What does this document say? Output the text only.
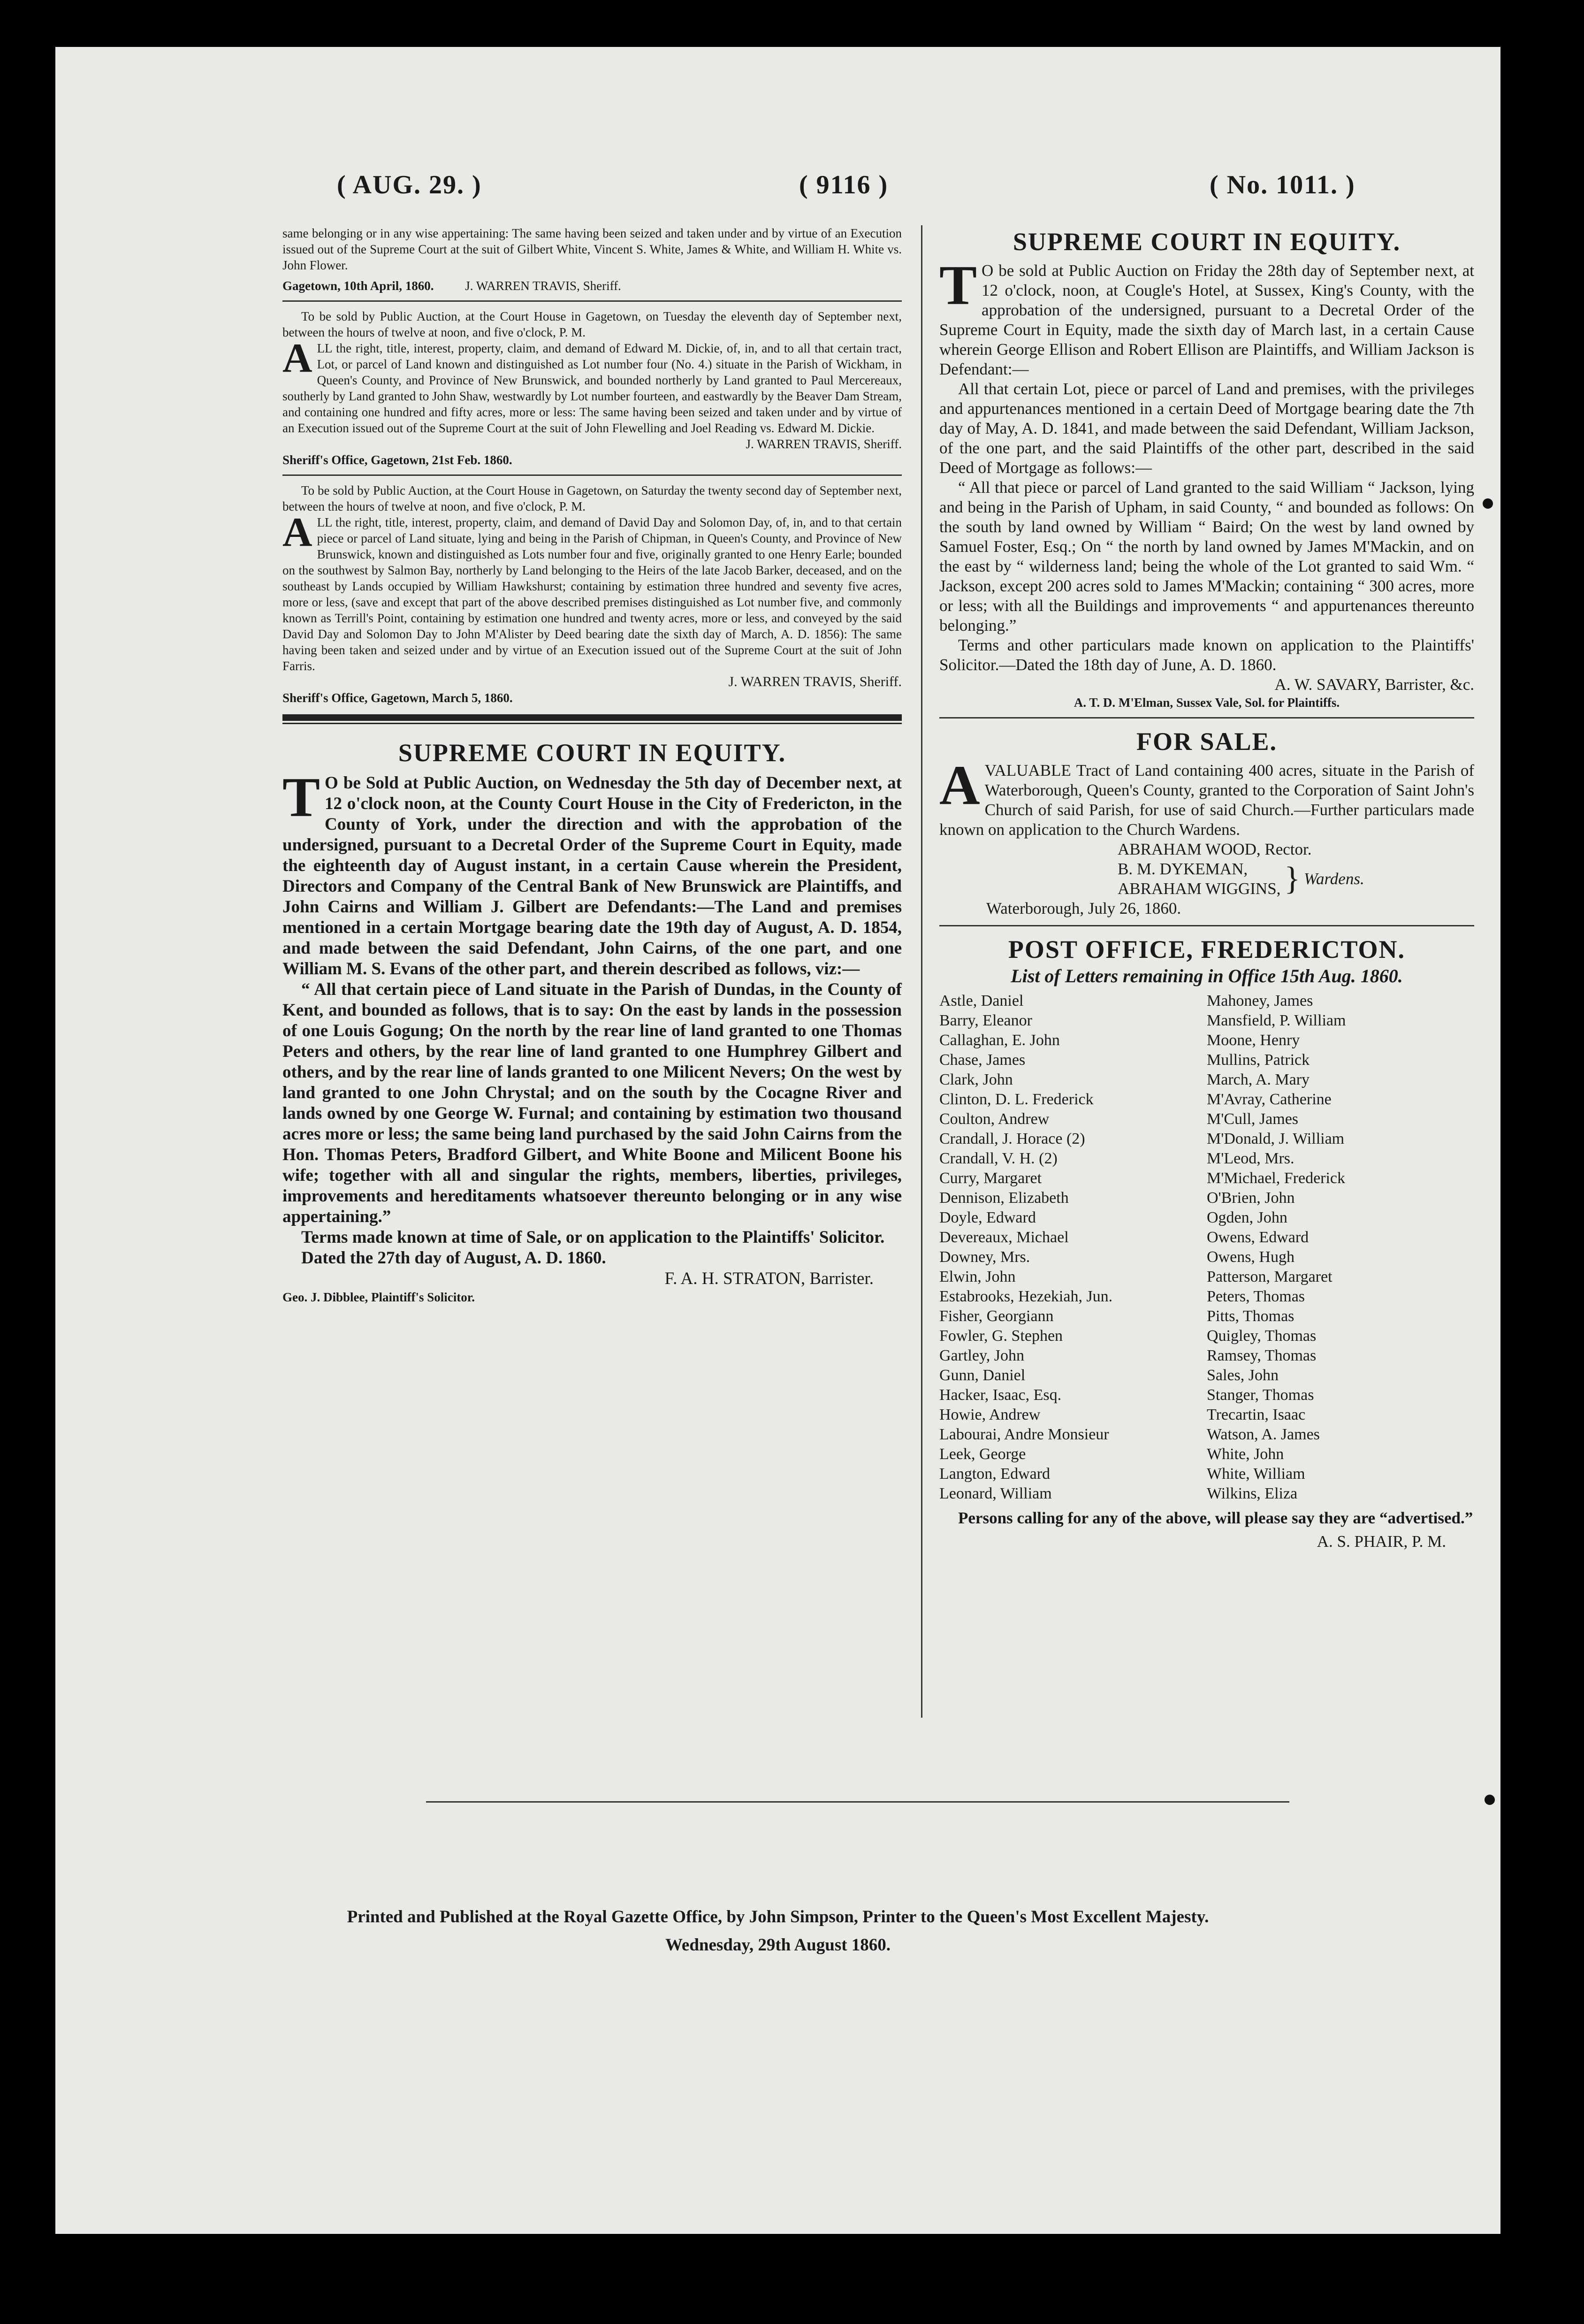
( AUG. 29. )	( 9116 )	( No. 1011. )

same belonging or in any wise appertaining: The same having been seized and taken under and by virtue of an Execution issued out of the Supreme Court at the suit of Gilbert White, Vincent S. White, James & White, and William H. White vs. John Flower.

Gagetown, 10th April, 1860. J. WARREN TRAVIS, Sheriff.

To be sold by Public Auction, at the Court House in Gagetown, on Tuesday the eleventh day of September next, between the hours of twelve at noon, and five o'clock, P. M.

ALL the right, title, interest, property, claim, and demand of Edward M. Dickie, of, in, and to all that certain tract, Lot, or parcel of Land known and distinguished as Lot number four (No. 4.) situate in the Parish of Wickham, in Queen's County, and Province of New Brunswick, and bounded northerly by Land granted to Paul Mercereaux, southerly by Land granted to John Shaw, westwardly by Lot number fourteen, and eastwardly by the Beaver Dam Stream, and containing one hundred and fifty acres, more or less: The same having been seized and taken under and by virtue of an Execution issued out of the Supreme Court at the suit of John Flewelling and Joel Reading vs. Edward M. Dickie.

J. WARREN TRAVIS, Sheriff.

Sheriff's Office, Gagetown, 21st Feb. 1860.

To be sold by Public Auction, at the Court House in Gagetown, on Saturday the twenty second day of September next, between the hours of twelve at noon, and five o'clock, P. M.

ALL the right, title, interest, property, claim, and demand of David Day and Solomon Day, of, in, and to that certain piece or parcel of Land situate, lying and being in the Parish of Chipman, in Queen's County, and Province of New Brunswick, known and distinguished as Lots number four and five, originally granted to one Henry Earle; bounded on the southwest by Salmon Bay, northerly by Land belonging to the Heirs of the late Jacob Barker, deceased, and on the southeast by Lands occupied by William Hawkshurst; containing by estimation three hundred and seventy five acres, more or less, (save and except that part of the above described premises distinguished as Lot number five, and commonly known as Terrill's Point, containing by estimation one hundred and twenty acres, more or less, and conveyed by the said David Day and Solomon Day to John M'Alister by Deed bearing date the sixth day of March, A. D. 1856): The same having been taken and seized under and by virtue of an Execution issued out of the Supreme Court at the suit of John Farris.

J. WARREN TRAVIS, Sheriff.

Sheriff's Office, Gagetown, March 5, 1860.

SUPREME COURT IN EQUITY.

T O be Sold at Public Auction, on Wednesday the 5th day of December next, at 12 o'clock noon, at the County Court House in the City of Fredericton, in the County of York, under the direction and with the approbation of the undersigned, pursuant to a Decretal Order of the Supreme Court in Equity, made the eighteenth day of August instant, in a certain Cause wherein the President, Directors and Company of the Central Bank of New Brunswick are Plaintiffs, and John Cairns and William J. Gilbert are Defendants:—The Land and premises mentioned in a certain Mortgage bearing date the 19th day of August, A. D. 1854, and made between the said Defendant, John Cairns, of the one part, and one William M. S. Evans of the other part, and therein described as follows, viz:—

“ All that certain piece of Land situate in the Parish of Dundas, in the County of Kent, and bounded as follows, that is to say: On the east by lands in the possession of one Louis Gogung; On the north by the rear line of land granted to one Thomas Peters and others, by the rear line of land granted to one Humphrey Gilbert and others, and by the rear line of lands granted to one Milicent Nevers; On the west by land granted to one John Chrystal; and on the south by the Cocagne River and lands owned by one George W. Furnal; and containing by estimation two thousand acres more or less; the same being land purchased by the said John Cairns from the Hon. Thomas Peters, Bradford Gilbert, and White Boone and Milicent Boone his wife; together with all and singular the rights, members, liberties, privileges, improvements and hereditaments whatsoever thereunto belonging or in any wise appertaining.”

Terms made known at time of Sale, or on application to the Plaintiffs' Solicitor.

Dated the 27th day of August, A. D. 1860.

F. A. H. STRATON, Barrister.

Geo. J. Dibblee, Plaintiff's Solicitor.

SUPREME COURT IN EQUITY.

T O be sold at Public Auction on Friday the 28th day of September next, at 12 o'clock, noon, at Cougle's Hotel, at Sussex, King's County, with the approbation of the undersigned, pursuant to a Decretal Order of the Supreme Court in Equity, made the sixth day of March last, in a certain Cause wherein George Ellison and Robert Ellison are Plaintiffs, and William Jackson is Defendant:—

All that certain Lot, piece or parcel of Land and premises, with the privileges and appurtenances mentioned in a certain Deed of Mortgage bearing date the 7th day of May, A. D. 1841, and made between the said Defendant, William Jackson, of the one part, and the said Plaintiffs of the other part, described in the said Deed of Mortgage as follows:—

“ All that piece or parcel of Land granted to the said William “ Jackson, lying and being in the Parish of Upham, in said County, “ and bounded as follows: On the south by land owned by William “ Baird; On the west by land owned by Samuel Foster, Esq.; On “ the north by land owned by James M'Mackin, and on the east by “ wilderness land; being the whole of the Lot granted to said Wm. “ Jackson, except 200 acres sold to James M'Mackin; containing “ 300 acres, more or less; with all the Buildings and improvements “ and appurtenances thereunto belonging.”

Terms and other particulars made known on application to the Plaintiffs' Solicitor.—Dated the 18th day of June, A. D. 1860.

A. W. SAVARY, Barrister, &c.

A. T. D. M'Elman, Sussex Vale, Sol. for Plaintiffs.

FOR SALE.

AVALUABLE Tract of Land containing 400 acres, situate in the Parish of Waterborough, Queen's County, granted to the Corporation of Saint John's Church of said Parish, for use of said Church.—Further particulars made known on application to the Church Wardens.

ABRAHAM WOOD, Rector.

B. M. DYKEMAN,
ABRAHAM WIGGINS, } Wardens.

Waterborough, July 26, 1860.

POST OFFICE, FREDERICTON.

List of Letters remaining in Office 15th Aug. 1860.

Astle, Daniel
Barry, Eleanor
Callaghan, E. John
Chase, James
Clark, John
Clinton, D. L. Frederick
Coulton, Andrew
Crandall, J. Horace (2)
Crandall, V. H. (2)
Curry, Margaret
Dennison, Elizabeth
Doyle, Edward
Devereaux, Michael
Downey, Mrs.
Elwin, John
Estabrooks, Hezekiah, Jun.
Fisher, Georgiann
Fowler, G. Stephen
Gartley, John
Gunn, Daniel
Hacker, Isaac, Esq.
Howie, Andrew
Labourai, Andre Monsieur
Leek, George
Langton, Edward
Leonard, William
Mahoney, James
Mansfield, P. William
Moone, Henry
Mullins, Patrick
March, A. Mary
M'Avray, Catherine
M'Cull, James
M'Donald, J. William
M'Leod, Mrs.
M'Michael, Frederick
O'Brien, John
Ogden, John
Owens, Edward
Owens, Hugh
Patterson, Margaret
Peters, Thomas
Pitts, Thomas
Quigley, Thomas
Ramsey, Thomas
Sales, John
Stanger, Thomas
Trecartin, Isaac
Watson, A. James
White, John
White, William
Wilkins, Eliza

Persons calling for any of the above, will please say they are “advertised.”

A. S. PHAIR, P. M.

Printed and Published at the Royal Gazette Office, by John Simpson, Printer to the Queen's Most Excellent Majesty.
Wednesday, 29th August 1860.
